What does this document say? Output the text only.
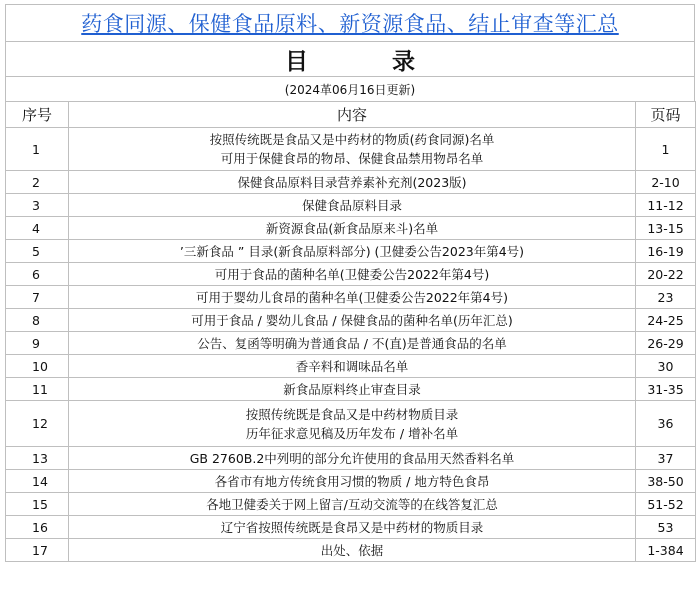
药食同源、保健食品原料、新资源食品、结止审查等汇总
目 录
(2024革06月16日更新)
序号	内容	页码
1	按照传统既是食品又是中药材的物质(药食同源)名单
可用于保健食昂的物昂、保健食品禁用物昂名单	1
2	保健食品原料目录营养素补充剂(2023版)	2-10
3	保健食品原料目录	11-12
4	新资源食品(新食品原来斗)名单	13-15
5	’三新食品 ” 目录(新食品原料部分) (卫健委公告2023年第4号)	16-19
6	可用于食品的菌种名单(卫健委公告2022年第4号)	20-22
7	可用于婴幼儿食昂的菌种名单(卫健委公告2022年第4号)	23
8	可用于食品 / 婴幼儿食品 / 保健食品的菌种名单(历年汇总)	24-25
9	公告、复函等明确为普通食品 / 不(直)是普通食品的名单	26-29
10	香辛料和调味品名单	30
11	新食品原料终止审查目录	31-35
12	按照传统既是食品又是中药材物质目录
历年征求意见稿及历年发布 / 增补名单	36
13	GB 2760B.2中列明的部分允许使用的食品用天然香料名单	37
14	各省市有地方传统食用习惯的物质 / 地方特色食昂	38-50
15	各地卫健委关于网上留言/互动交流等的在线答复汇总	51-52
16	辽宁省按照传统既是食昂又是中药材的物质目录	53
17	出处、依据	1-384
